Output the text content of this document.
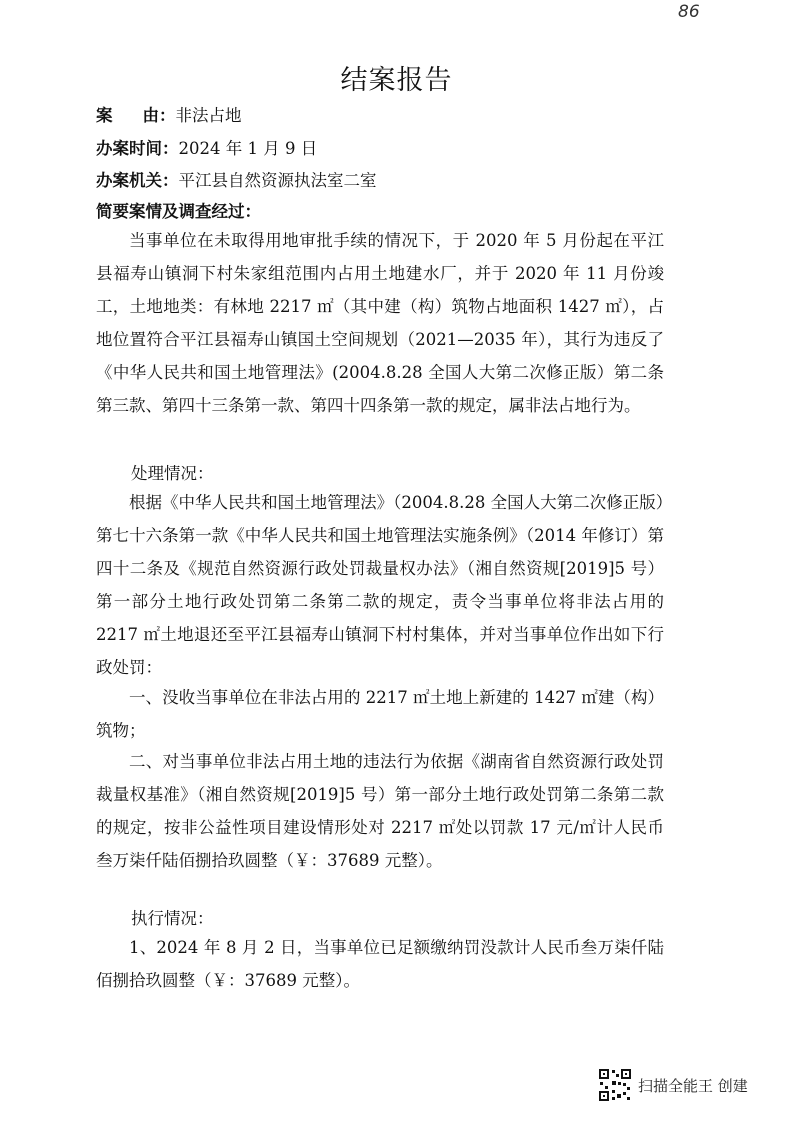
86
结案报告
案 由：非法占地
办案时间：2024 年 1 月 9 日
办案机关：平江县自然资源执法室二室
简要案情及调查经过：

当事单位在未取得用地审批手续的情况下，于 2020 年 5 月份起在平江县福寿山镇洞下村朱家组范围内占用土地建水厂，并于 2020 年 11 月份竣工，土地地类：有林地 2217 ㎡（其中建（构）筑物占地面积 1427 ㎡），占地位置符合平江县福寿山镇国土空间规划（2021—2035 年），其行为违反了《中华人民共和国土地管理法》(2004.8.28 全国人大第二次修正版）第二条第三款、第四十三条第一款、第四十四条第一款的规定，属非法占地行为。

处理情况：

根据《中华人民共和国土地管理法》（2004.8.28 全国人大第二次修正版）第七十六条第一款《中华人民共和国土地管理法实施条例》（2014 年修订）第四十二条及《规范自然资源行政处罚裁量权办法》（湘自然资规[2019]5 号）第一部分土地行政处罚第二条第二款的规定，责令当事单位将非法占用的 2217 ㎡土地退还至平江县福寿山镇洞下村村集体，并对当事单位作出如下行政处罚：

一、没收当事单位在非法占用的 2217 ㎡土地上新建的 1427 ㎡建（构）筑物；

二、对当事单位非法占用土地的违法行为依据《湖南省自然资源行政处罚裁量权基准》（湘自然资规[2019]5 号）第一部分土地行政处罚第二条第二款的规定，按非公益性项目建设情形处对 2217 ㎡处以罚款 17 元/㎡计人民币叁万柒仟陆佰捌拾玖圆整（￥：37689 元整）。

执行情况：

1、2024 年 8 月 2 日，当事单位已足额缴纳罚没款计人民币叁万柒仟陆佰捌拾玖圆整（￥：37689 元整）。

扫描全能王 创建
